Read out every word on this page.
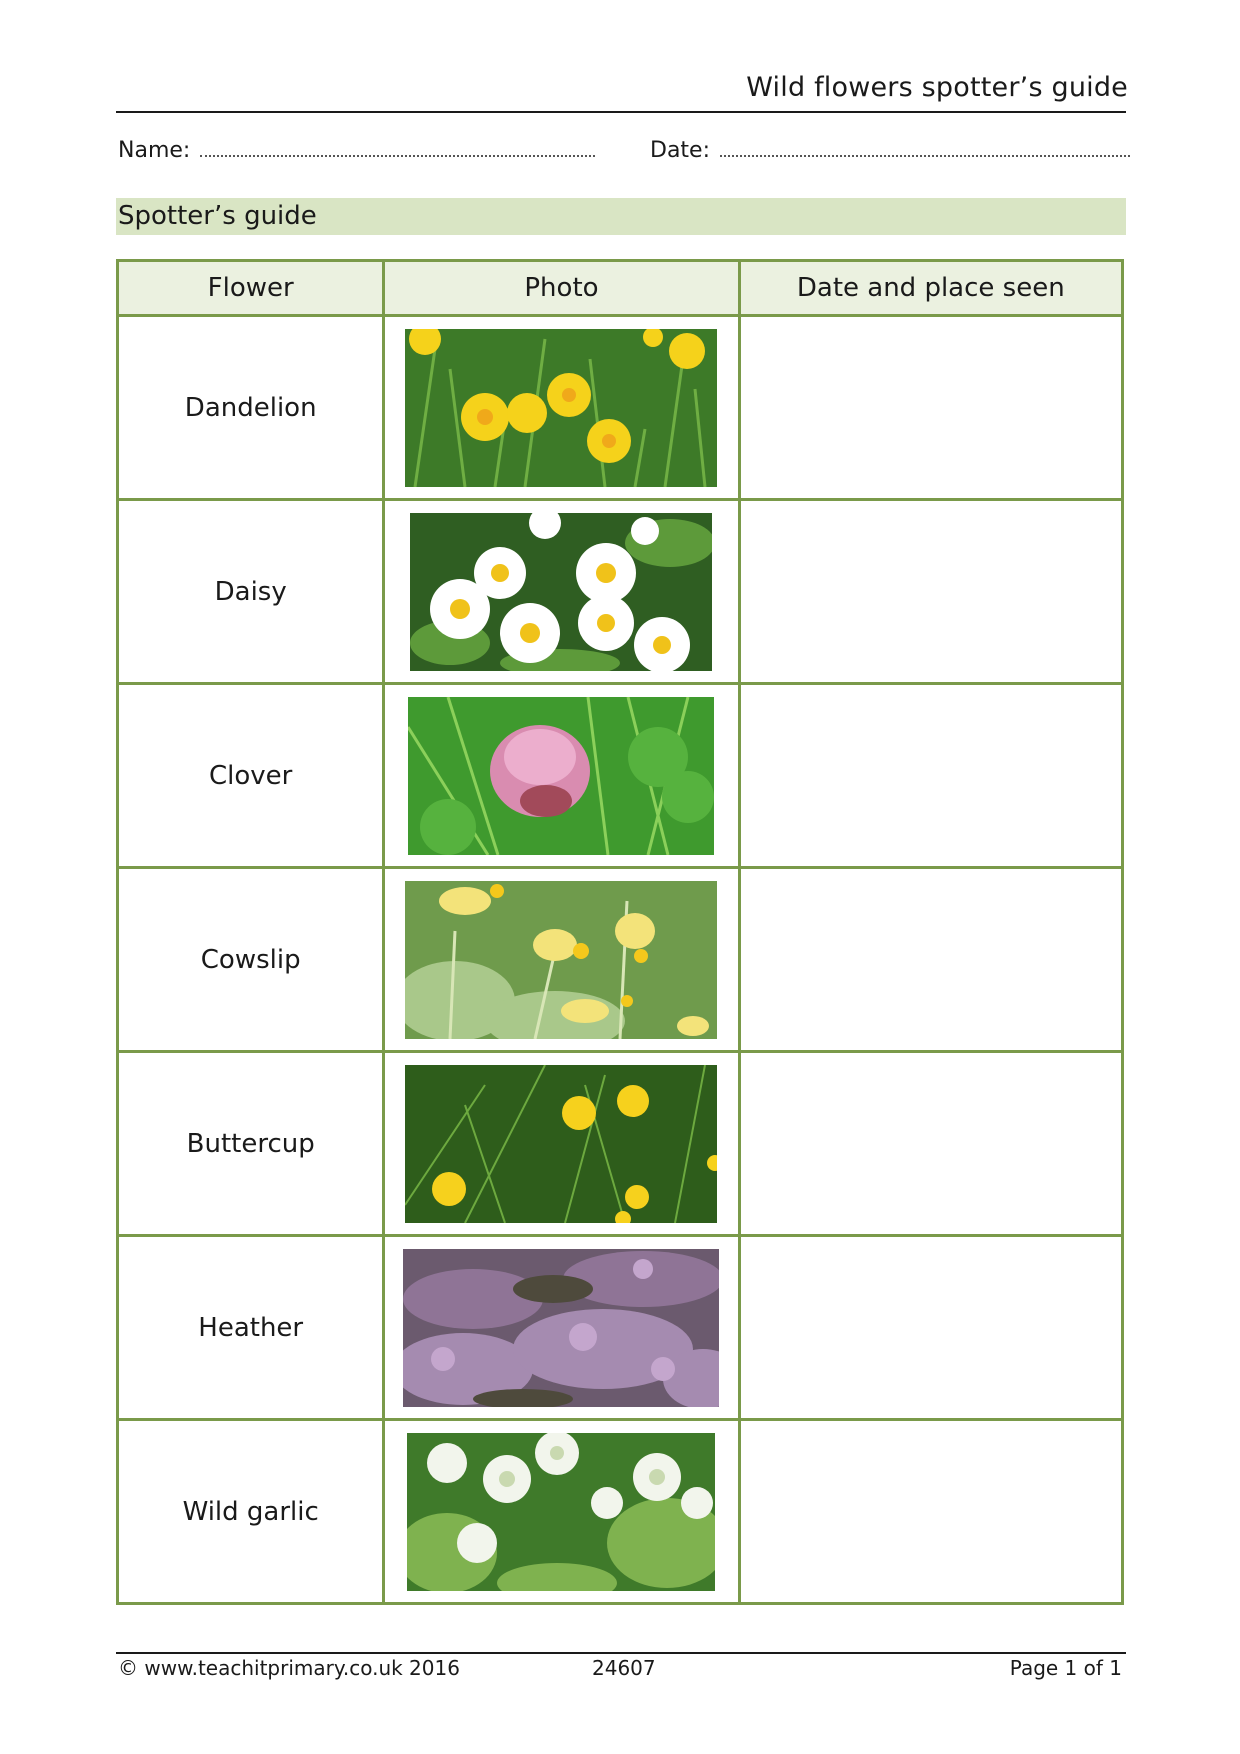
Wild flowers spotter’s guide
Name:	Date:
Spotter’s guide
Flower	Photo	Date and place seen
Dandelion	

Daisy	

Clover	

Cowslip	

Buttercup	

Heather	

Wild garlic	

© www.teachitprimary.co.uk 2016	24607	Page 1 of 1
